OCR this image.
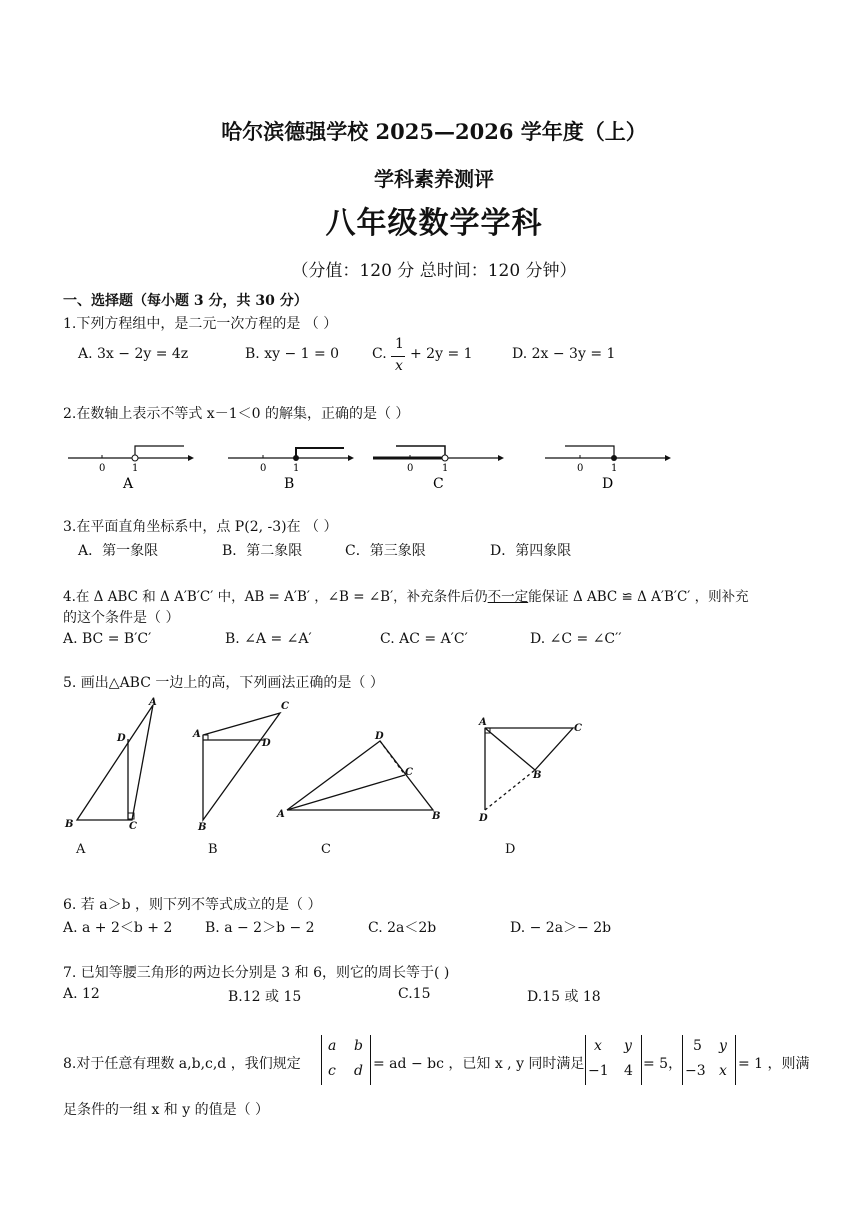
哈尔滨德强学校 2025—2026 学年度（上）
学科素养测评
八年级数学学科
（分值：120 分 总时间：120 分钟）
一、选择题（每小题 3 分，共 30 分）
1.下列方程组中，是二元一次方程的是 （ ）
A. 3x − 2y = 4z	B. xy − 1 = 0 C.
1
x
+ 2y = 1	D. 2x − 3y = 1
2.在数轴上表示不等式 x－1＜0 的解集，正确的是（ ）
0	1
A
0	1
B
0	1
C
0	1
D
3.在平面直角坐标系中，点 P(2, -3)在 （ ）
A．第一象限	B．第二象限	C．第三象限	D．第四象限
4.在 Δ ABC 和 Δ A′B′C′ 中，AB = A′B′ ，∠B = ∠B′，补充条件后仍不一定能保证 Δ ABC ≌ Δ A′B′C′ ，则补充
的这个条件是（ ）
A. BC = B′C′	B. ∠A = ∠A′	C. AC = A′C′	D. ∠C = ∠C′′
5. 画出△ABC 一边上的高，下列画法正确的是（ ）
A
D
B	C
A
C
D
B
D
C
A	B
A
C
B
D
A	B	C	D
6. 若 a＞b ，则下列不等式成立的是（ ）
A. a + 2＜b + 2 B. a − 2＞b − 2	C. 2a＜2b	D. − 2a＞− 2b
7. 已知等腰三角形的两边长分别是 3 和 6，则它的周长等于( )
A. 12	B.12 或 15	C.15	D.15 或 18
8.对于任意有理数 a,b,c,d ，我们规定
a b
c d = ad − bc ，已知 x , y 同时满足
x y
−1 4 = 5，
5 y
−3 x = 1 ，则满
足条件的一组 x 和 y 的值是（ ）
